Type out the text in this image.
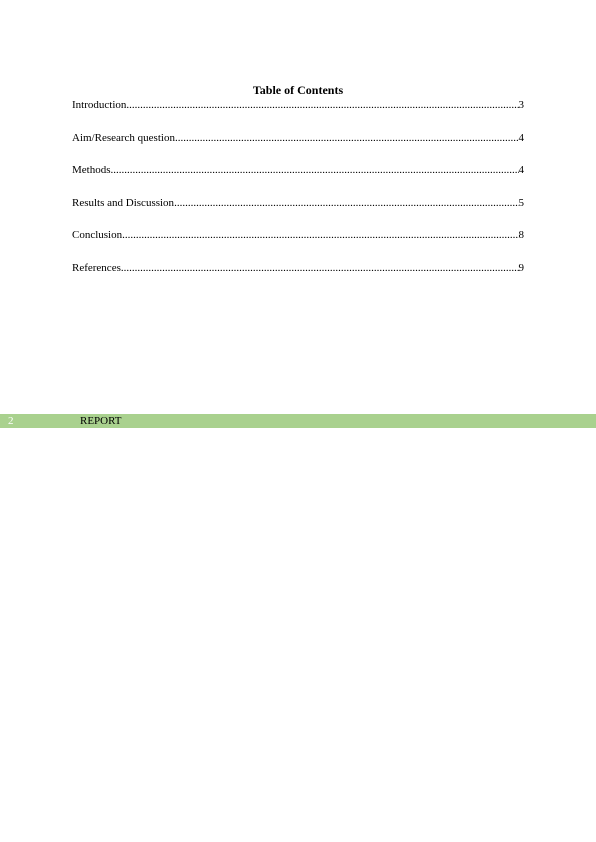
Table of Contents
Introduction .....	3
Aim/Research question .....	4
Methods .....	4
Results and Discussion .....	5
Conclusion .....	8
References .....	9
2	REPORT
